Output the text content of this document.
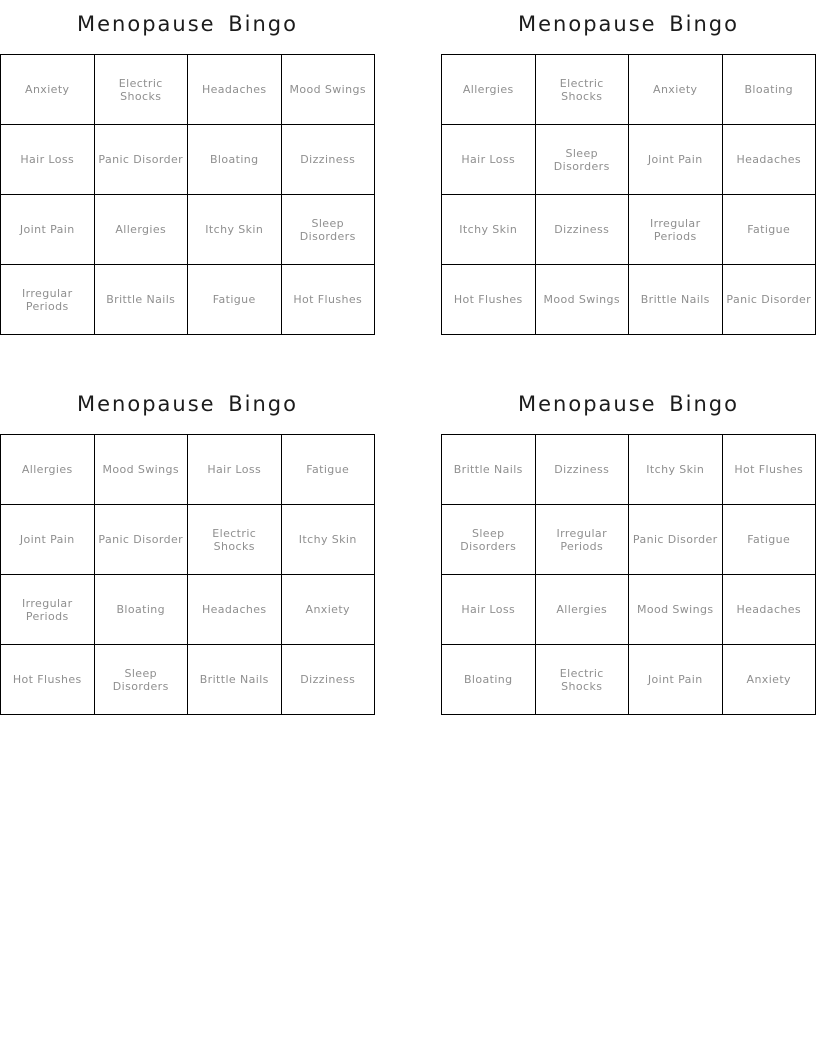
Menopause Bingo
Anxiety	Electric Shocks	Headaches	Mood Swings
Hair Loss	Panic Disorder	Bloating	Dizziness
Joint Pain	Allergies	Itchy Skin	Sleep Disorders
Irregular Periods	Brittle Nails	Fatigue	Hot Flushes
Menopause Bingo
Allergies	Electric Shocks	Anxiety	Bloating
Hair Loss	Sleep Disorders	Joint Pain	Headaches
Itchy Skin	Dizziness	Irregular Periods	Fatigue
Hot Flushes	Mood Swings	Brittle Nails	Panic Disorder
Menopause Bingo
Allergies	Mood Swings	Hair Loss	Fatigue
Joint Pain	Panic Disorder	Electric Shocks	Itchy Skin
Irregular Periods	Bloating	Headaches	Anxiety
Hot Flushes	Sleep Disorders	Brittle Nails	Dizziness
Menopause Bingo
Brittle Nails	Dizziness	Itchy Skin	Hot Flushes
Sleep Disorders	Irregular Periods	Panic Disorder	Fatigue
Hair Loss	Allergies	Mood Swings	Headaches
Bloating	Electric Shocks	Joint Pain	Anxiety
